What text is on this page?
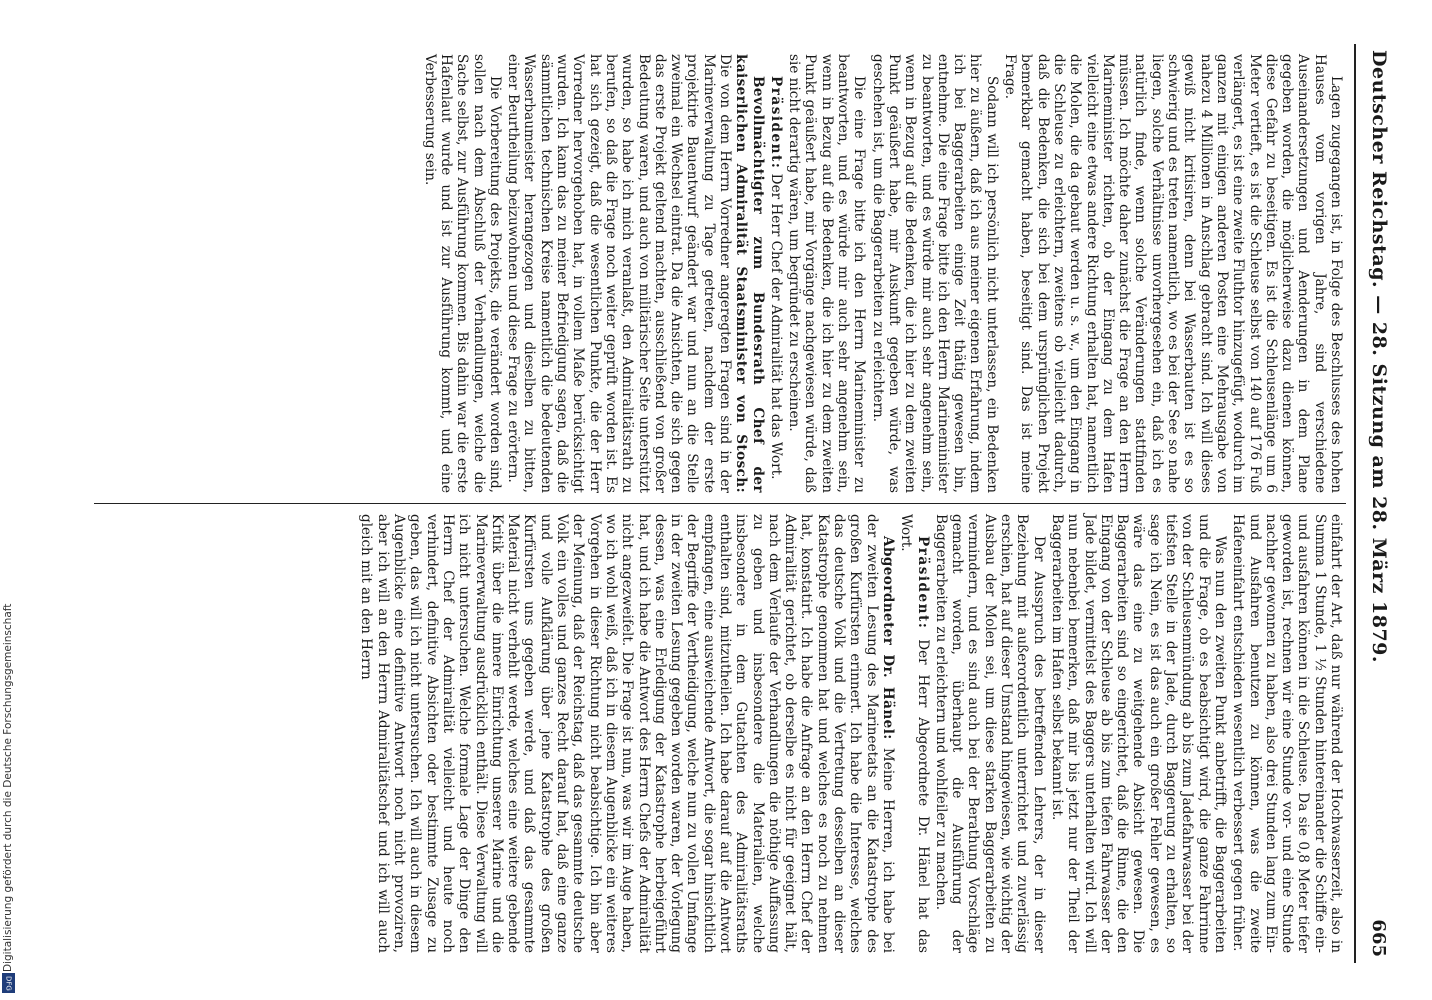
Deutscher Reichstag. — 28. Sitzung am 28. März 1879.
665

Lagen zugegangen ist, in Folge des Beschlusses des hohen Hauses vom vorigen Jahre, sind verschiedene Auseinandersetzungen und Aenderungen in dem Plane gegeben worden, die möglicherweise dazu dienen können, diese Gefahr zu beseitigen. Es ist die Schleusenlänge um 6 Meter vertieft, es ist die Schleuse selbst von 140 auf 176 Fuß verlängert, es ist eine zweite Fluthtor hinzugefügt, wodurch im ganzen mit einigen anderen Posten eine Mehrausgabe von nahezu 4 Millionen in Anschlag gebracht sind. Ich will dieses gewiß nicht kritisiren, denn bei Wasserbauten ist es so schwierig und es treten namentlich, wo es bei der See so nahe liegen, solche Verhältnisse unvorhergesehen ein, daß ich es natürlich finde, wenn solche Veränderungen stattfinden müssen. Ich möchte daher zunächst die Frage an den Herrn Marineminister richten, ob der Eingang zu dem Hafen vielleicht eine etwas andere Richtung erhalten hat, namentlich die Molen, die da gebaut werden u. s. w., um den Eingang in die Schleuse zu erleichtern, zweitens ob vielleicht dadurch, daß die Bedenken, die sich bei dem ursprünglichen Projekt bemerkbar gemacht haben, beseitigt sind. Das ist meine Frage.

Sodann will ich persönlich nicht unterlassen, ein Bedenken hier zu äußern, daß ich aus meiner eigenen Erfahrung, indem ich bei Baggerarbeiten einige Zeit thätig gewesen bin, entnehme. Die eine Frage bitte ich den Herrn Marineminister zu beantworten, und es würde mir auch sehr angenehm sein, wenn in Bezug auf die Bedenken, die ich hier zu dem zweiten Punkt geäußert habe, mir Auskunft gegeben würde, was geschehen ist, um die Baggerarbeiten zu erleichtern.

Die eine Frage bitte ich den Herrn Marineminister zu beantworten, und es würde mir auch sehr angenehm sein, wenn in Bezug auf die Bedenken, die ich hier zu dem zweiten Punkt geäußert habe, mir Vorgänge nachgewiesen würde, daß sie nicht derartig wären, um begründet zu erscheinen.

Präsident: Der Herr Chef der Admiralität hat das Wort.

Bevollmächtigter zum Bundesrath Chef der kaiserlichen Admiralität Staatsminister von Stosch: Die von dem Herrn Vorredner angeregten Fragen sind in der Marineverwaltung zu Tage getreten, nachdem der erste projektirte Bauentwurf geändert war und nun an die Stelle zweimal ein Wechsel eintrat. Da die Ansichten, die sich gegen das erste Projekt geltend machten, ausschließend von großer Bedeutung waren, und auch von militärischer Seite unterstützt wurden, so habe ich mich veranlaßt, den Admiralitätsrath zu berufen, so daß die Frage noch weiter geprüft worden ist. Es hat sich gezeigt, daß die wesentlichen Punkte, die der Herr Vorredner hervorgehoben hat, in vollem Maße berücksichtigt wurden. Ich kann das zu meiner Befriedigung sagen, daß die sämmtlichen technischen Kreise namentlich die bedeutenden Wasserbaumeister herangezogen und dieselben zu bitten, einer Beurtheilung beizuwohnen und diese Frage zu erörtern.

Die Vorbereitung des Projekts, die verändert worden sind, sollen nach dem Abschluß der Verhandlungen, welche die Sache selbst, zur Ausführung kommen. Bis dahin war die erste Hafenlaut wurde und ist zur Ausführung kommt, und eine Verbesserung sein.

einfahrt der Art, daß nur während der Hochwasserzeit, also in Summa 1 Stunde, 1 ½ Stunden hintereinander die Schiffe ein- und ausfahren können in die Schleuse. Da sie 0,8 Meter tiefer geworden ist, rechnen wir eine Stunde vor- und eine Stunde nachher gewonnen zu haben, also drei Stunden lang zum Ein- und Ausfahren benutzen zu können, was die zweite Hafeneinfahrt entschieden wesentlich verbessert gegen früher.

Was nun den zweiten Punkt anbetrifft, die Baggerarbeiten und die Frage, ob es beabsichtigt wird, die ganze Fahrrinne von der Schleusenmündung ab bis zum Jadefahrwasser bei der tiefsten Stelle in der Jade, durch Baggerung zu erhalten, so sage ich Nein, es ist das auch ein großer Fehler gewesen, es wäre das eine zu weitgehende Absicht gewesen. Die Baggerarbeiten sind so eingerichtet, daß die Rinne, die den Eingang von der Schleuse ab bis zum tiefen Fahrwasser der Jade bildet, vermittelst des Baggers unterhalten wird. Ich will nun nebenbei bemerken, daß mir bis jetzt nur der Theil der Baggerarbeiten im Hafen selbst bekannt ist.

Der Ausspruch des betreffenden Lehrers, der in dieser Beziehung mit außerordentlich unterrichtet und zuverlässig erschien, hat auf dieser Umstand hingewiesen, wie wichtig der Ausbau der Molen sei, um diese starken Baggerarbeiten zu vermindern, und es sind auch bei der Berathung Vorschläge gemacht worden, überhaupt die Ausführung der Baggerarbeiten zu erleichtern und wohlfeiler zu machen.

Präsident: Der Herr Abgeordnete Dr. Hänel hat das Wort.

Abgeordneter Dr. Hänel: Meine Herren, ich habe bei der zweiten Lesung des Marineetats an die Katastrophe des großen Kurfürsten erinnert. Ich habe die Interesse, welches das deutsche Volk und die Vertretung desselben an dieser Katastrophe genommen hat und welches es noch zu nehmen hat, konstatirt. Ich habe die Anfrage an den Herrn Chef der Admiralität gerichtet, ob derselbe es nicht für geeignet hält, nach dem Verlaufe der Verhandlungen die nöthige Auffassung zu geben und insbesondere die Materialien, welche insbesondere in dem Gutachten des Admiralitätsraths enthalten sind, mitzutheilen. Ich habe darauf auf die Antwort empfangen, eine ausweichende Antwort, die sogar hinsichtlich der Begriffe der Vertheidigung, welche nun zu vollen Umfange in der zweiten Lesung gegeben worden waren, der Vorlegung dessen, was eine Erledigung der Katastrophe herbeigeführt hat, und ich habe die Antwort des Herrn Chefs der Admiralität nicht angezweifelt. Die Frage ist nun, was wir im Auge haben, wo ich wohl weiß, daß ich in diesem Augenblicke ein weiteres Vorgehen in dieser Richtung nicht beabsichtige. Ich bin aber der Meinung, daß der Reichstag, daß das gesammte deutsche Volk ein volles und ganzes Recht darauf hat, daß eine ganze und volle Aufklärung über jene Katastrophe des großen Kurfürsten uns gegeben werde, und daß das gesammte Material nicht verhehlt werde, welches eine weitere gebende Kritik über die innere Einrichtung unserer Marine und die Marineverwaltung ausdrücklich enthält. Diese Verwaltung will ich nicht untersuchen. Welche formale Lage der Dinge den Herrn Chef der Admiralität vielleicht und heute noch verhindert, definitive Absichten oder bestimmte Zusage zu geben, das will ich nicht untersuchen. Ich will auch in diesem Augenblicke eine definitive Antwort noch nicht provoziren, aber ich will an den Herrn Admiralitätschef und ich will auch gleich mit an den Herrn

Digitalisierung gefördert durch die Deutsche Forschungsgemeinschaft
DFG
